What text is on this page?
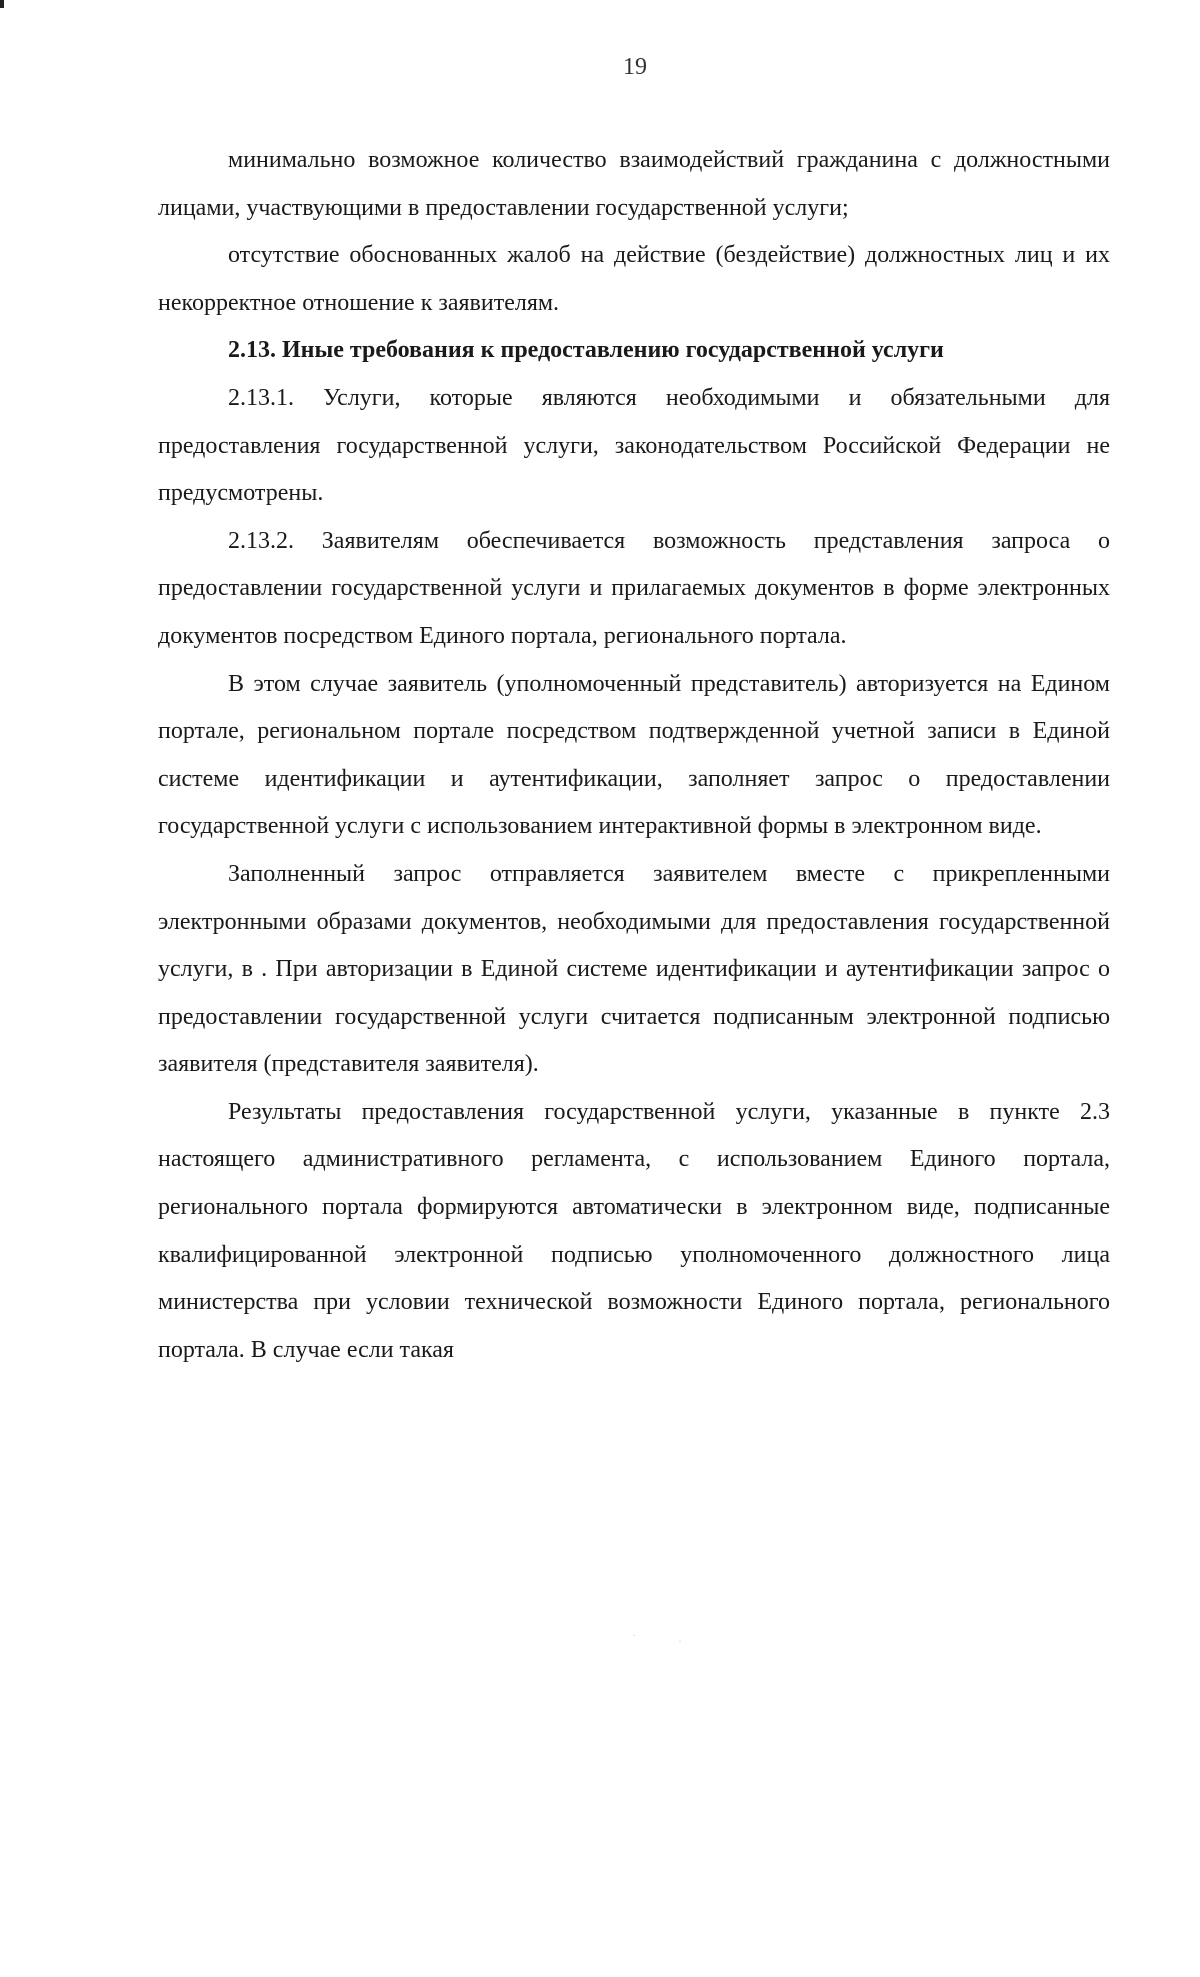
19

минимально возможное количество взаимодействий гражданина с должностными лицами, участвующими в предоставлении государственной услуги;

отсутствие обоснованных жалоб на действие (бездействие) должностных лиц и их некорректное отношение к заявителям.

2.13. Иные требования к предоставлению государственной услуги

2.13.1. Услуги, которые являются необходимыми и обязательными для предоставления государственной услуги, законодательством Российской Федерации не предусмотрены.

2.13.2. Заявителям обеспечивается возможность представления запроса о предоставлении государственной услуги и прилагаемых документов в форме электронных документов посредством Единого портала, регионального портала.

В этом случае заявитель (уполномоченный представитель) авторизуется на Едином портале, региональном портале посредством подтвержденной учетной записи в Единой системе идентификации и аутентификации, заполняет запрос о предоставлении государственной услуги с использованием интерактивной формы в электронном виде.

Заполненный запрос отправляется заявителем вместе с прикрепленными электронными образами документов, необходимыми для предоставления государственной услуги, в . При авторизации в Единой системе идентификации и аутентификации запрос о предоставлении государственной услуги считается подписанным электронной подписью заявителя (представителя заявителя).

Результаты предоставления государственной услуги, указанные в пункте 2.3 настоящего административного регламента, с использованием Единого портала, регионального портала формируются автоматически в электронном виде, подписанные квалифицированной электронной подписью уполномоченного должностного лица министерства при условии технической возможности Единого портала, регионального портала. В случае если такая

·	·
